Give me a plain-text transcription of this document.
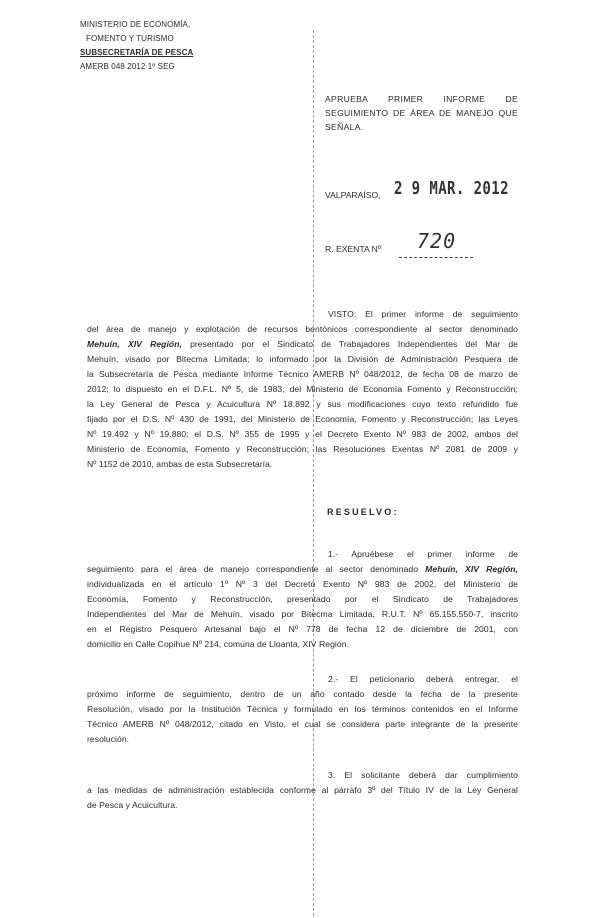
MINISTERIO DE ECONOMÍA,
FOMENTO Y TURISMO
SUBSECRETARÍA DE PESCA
AMERB 048 2012 1º SEG
APRUEBA PRIMER INFORME DE
SEGUIMIENTO DE ÁREA DE MANEJO QUE
SEÑALA.
VALPARAÍSO, 2 9 MAR. 2012
R. EXENTA Nº 720
VISTO: El primer informe de seguimiento
del área de manejo y explotación de recursos bentónicos correspondiente al sector denominado
Mehuín, XIV Región, presentado por el Sindicato de Trabajadores Independientes del Mar de
Mehuín, visado por Bitecma Limitada; lo informado por la División de Administración Pesquera de
la Subsecretaría de Pesca mediante Informe Técnico AMERB Nº 048/2012, de fecha 08 de marzo de
2012; lo dispuesto en el D.F.L. Nº 5, de 1983, del Ministerio de Economía Fomento y Reconstrucción;
la Ley General de Pesca y Acuicultura Nº 18.892 y sus modificaciones cuyo texto refundido fue
fijado por el D.S. Nº 430 de 1991, del Ministerio de Economía, Fomento y Reconstrucción; las Leyes
Nº 19.492 y Nº 19.880; el D.S. Nº 355 de 1995 y el Decreto Exento Nº 983 de 2002, ambos del
Ministerio de Economía, Fomento y Reconstrucción; las Resoluciones Exentas Nº 2081 de 2009 y
Nº 1152 de 2010, ambas de esta Subsecretaría.
RESUELVO:
1.- Apruébese el primer informe de
seguimiento para el área de manejo correspondiente al sector denominado Mehuín, XIV Región,
individualizada en el artículo 1º Nº 3 del Decreto Exento Nº 983 de 2002, del Ministerio de
Economía, Fomento y Reconstrucción, presentado por el Sindicato de Trabajadores
Independientes del Mar de Mehuín, visado por Bitecma Limitada, R.U.T. Nº 65.155.550-7, inscrito
en el Registro Pesquero Artesanal bajo el Nº 778 de fecha 12 de diciembre de 2001, con
domicilio en Calle Copihue Nº 214, comuna de Lloanta, XIV Región.
2.- El peticionario deberá entregar, el
próximo informe de seguimiento, dentro de un año contado desde la fecha de la presente
Resolución, visado por la Institución Técnica y formulado en los términos contenidos en el Informe
Técnico AMERB Nº 048/2012, citado en Visto, el cual se considera parte integrante de la presente
resolución.
3. El solicitante deberá dar cumplimiento
a las medidas de administración establecida conforme al párrafo 3º del Título IV de la Ley General
de Pesca y Acuicultura.
